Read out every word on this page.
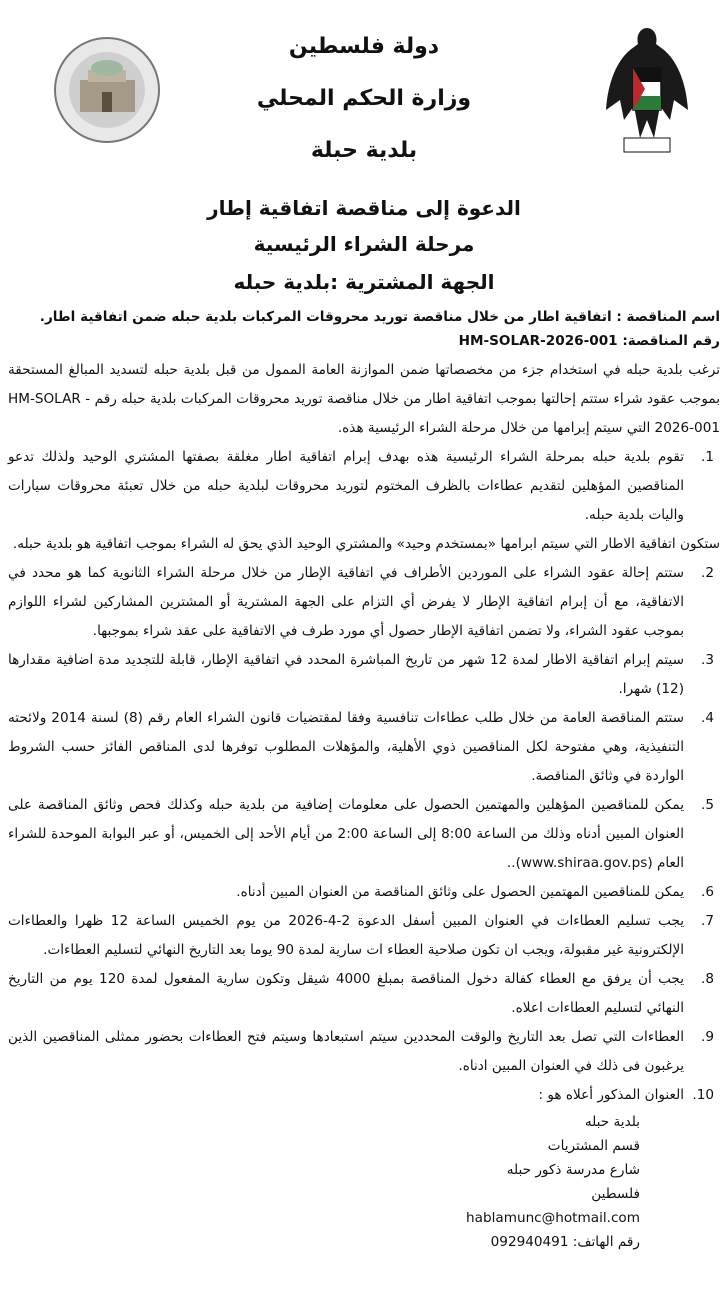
دولة فلسطين
وزارة الحكم المحلي
بلدية حبلة
الدعوة إلى مناقصة اتفاقية إطار
مرحلة الشراء الرئيسية
الجهة المشترية :بلدية حبله
اسم المناقصة : اتفاقية اطار من خلال مناقصة توريد محروقات المركبات بلدية حبله ضمن اتفاقية اطار.
رقم المناقصة: HM-SOLAR-2026-001
ترغب بلدية حبله في استخدام جزء من مخصصاتها ضمن الموازنة العامة الممول من قبل بلدية حبله لتسديد المبالغ المستحقة بموجب عقود شراء ستتم إحالتها بموجب اتفاقية اطار من خلال مناقصة توريد محروقات المركبات بلدية حبله رقم HM-SOLAR - 2026-001 التي سيتم إبرامها من خلال مرحلة الشراء الرئيسية هذه.
1.
تقوم بلدية حبله بمرحلة الشراء الرئيسية هذه بهدف إبرام اتفاقية اطار مغلقة بصفتها المشتري الوحيد ولذلك تدعو المناقصين المؤهلين لتقديم عطاءات بالظرف المختوم لتوريد محروقات لبلدية حبله من خلال تعبئة محروقات سيارات واليات بلدية حبله.
ستكون اتفاقية الاطار التي سيتم ابرامها «بمستخدم وحيد» والمشتري الوحيد الذي يحق له الشراء بموجب اتفاقية هو بلدية حبله.
2.
ستتم إحالة عقود الشراء على الموردين الأطراف في اتفاقية الإطار من خلال مرحلة الشراء الثانوية كما هو محدد في الاتفاقية، مع أن إبرام اتفاقية الإطار لا يفرض أي التزام على الجهة المشترية أو المشترين المشاركين لشراء اللوازم بموجب عقود الشراء، ولا تضمن اتفاقية الإطار حصول أي مورد طرف في الاتفاقية على عقد شراء بموجبها.
3.
سيتم إبرام اتفاقية الاطار لمدة 12 شهر من تاريخ المباشرة المحدد في اتفاقية الإطار، قابلة للتجديد مدة اضافية مقدارها (12) شهرا.
4.
ستتم المناقصة العامة من خلال طلب عطاءات تنافسية وفقا لمقتضيات قانون الشراء العام رقم (8) لسنة 2014 ولائحته التنفيذية، وهي مفتوحة لكل المناقصين ذوي الأهلية، والمؤهلات المطلوب توفرها لدى المناقص الفائز حسب الشروط الواردة في وثائق المناقصة.
5.
يمكن للمناقصين المؤهلين والمهتمين الحصول على معلومات إضافية من بلدية حبله وكذلك فحص وثائق المناقصة على العنوان المبين أدناه وذلك من الساعة 8:00 إلى الساعة 2:00 من أيام الأحد إلى الخميس، أو عبر البوابة الموحدة للشراء العام (www.shiraa.gov.ps)..
6.
يمكن للمناقصين المهتمين الحصول على وثائق المناقصة من العنوان المبين أدناه.
7.
يجب تسليم العطاءات في العنوان المبين أسفل الدعوة 2-4-2026 من يوم الخميس الساعة 12 ظهرا والعطاءات الإلكترونية غير مقبولة، ويجب ان تكون صلاحية العطاء ات سارية لمدة 90 يوما بعد التاريخ النهائي لتسليم العطاءات.
8.
يجب أن يرفق مع العطاء كفالة دخول المناقصة بمبلغ 4000 شيقل وتكون سارية المفعول لمدة 120 يوم من التاريخ النهائي لتسليم العطاءات اعلاه.
9.
العطاءات التي تصل بعد التاريخ والوقت المحددين سيتم استبعادها وسيتم فتح العطاءات بحضور ممثلى المناقصين الذين يرغبون فى ذلك في العنوان المبين ادناه.
10.
العنوان المذكور أعلاه هو :
بلدية حبله
قسم المشتريات
شارع مدرسة ذكور حبله
فلسطين
hablamunc@hotmail.com
رقم الهاتف: 092940491
